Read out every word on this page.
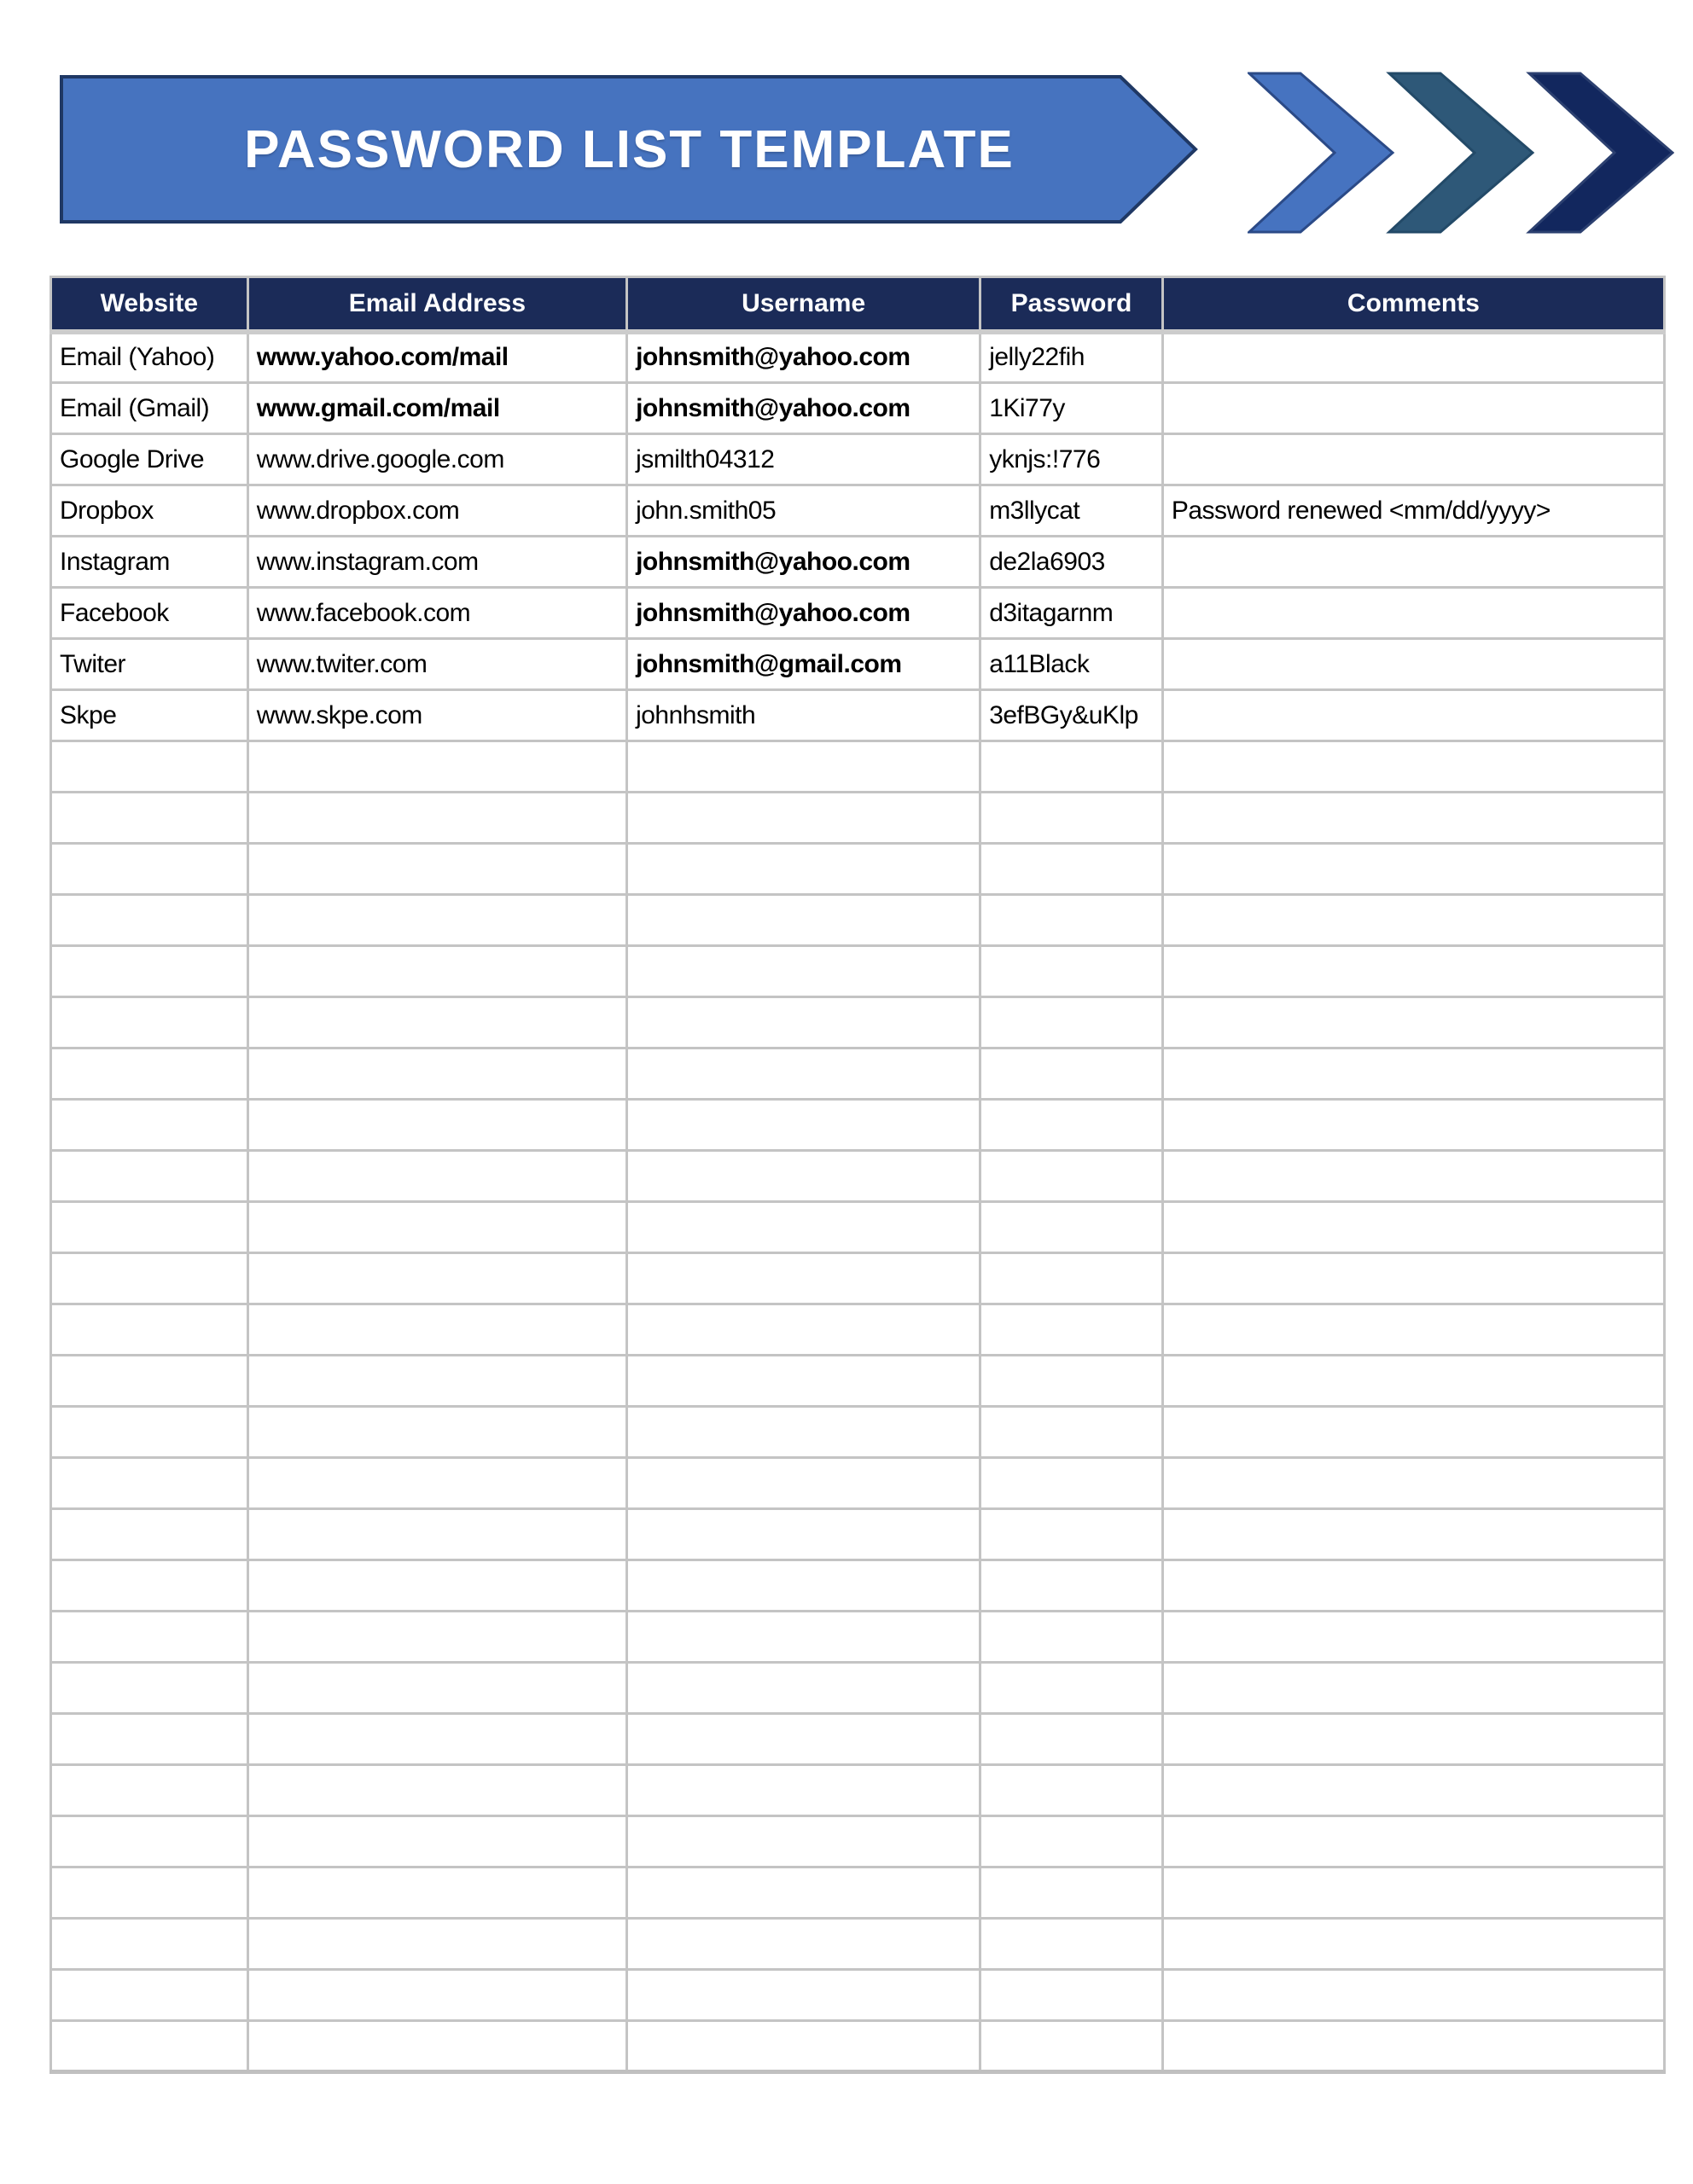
PASSWORD LIST TEMPLATE
Website	Email Address	Username	Password	Comments
Email (Yahoo)	www.yahoo.com/mail	johnsmith@yahoo.com	jelly22fih	
Email (Gmail)	www.gmail.com/mail	johnsmith@yahoo.com	1Ki77y	
Google Drive	www.drive.google.com	jsmilth04312	yknjs:!776	
Dropbox	www.dropbox.com	john.smith05	m3llycat	Password renewed <mm/dd/yyyy>
Instagram	www.instagram.com	johnsmith@yahoo.com	de2la6903	
Facebook	www.facebook.com	johnsmith@yahoo.com	d3itagarnm	
Twiter	www.twiter.com	johnsmith@gmail.com	a11Black	
Skpe	www.skpe.com	johnhsmith	3efBGy&uKlp	
